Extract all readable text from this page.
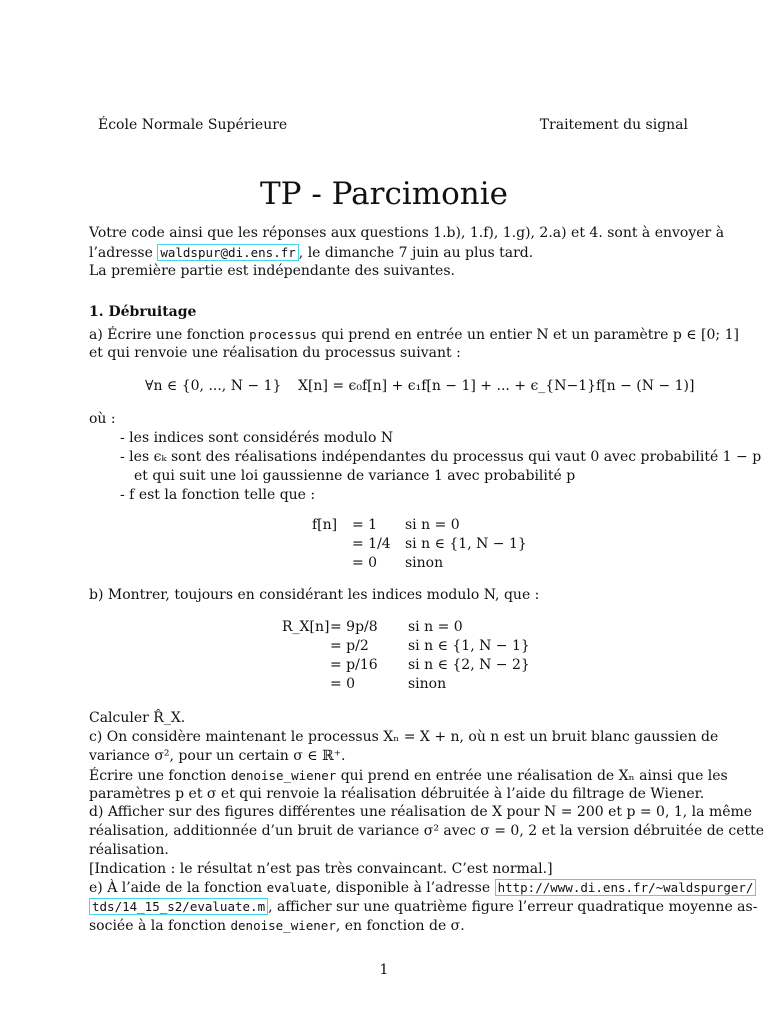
École Normale Supérieure	Traitement du signal
TP - Parcimonie
Votre code ainsi que les réponses aux questions 1.b), 1.f), 1.g), 2.a) et 4. sont à envoyer à
l’adresse waldspur@di.ens.fr , le dimanche 7 juin au plus tard.
La première partie est indépendante des suivantes.
1. Débruitage
a) Écrire une fonction processus qui prend en entrée un entier N et un paramètre p ∈ [0; 1]
et qui renvoie une réalisation du processus suivant :
∀n ∈ {0, ..., N − 1} X[n] = ϵ₀f[n] + ϵ₁f[n − 1] + ... + ϵ_{N−1}f[n − (N − 1)]
où :
- les indices sont considérés modulo N
- les ϵₖ sont des réalisations indépendantes du processus qui vaut 0 avec probabilité 1 − p
et qui suit une loi gaussienne de variance 1 avec probabilité p
- f est la fonction telle que :
f[n] = 1 si n = 0
= 1/4 si n ∈ {1, N − 1}
= 0 sinon
b) Montrer, toujours en considérant les indices modulo N, que :
R_X[n] = 9p/8 si n = 0
= p/2	si n ∈ {1, N − 1}
= p/16 si n ∈ {2, N − 2}
= 0	sinon
Calculer R̂_X.
c) On considère maintenant le processus Xₙ = X + n, où n est un bruit blanc gaussien de
variance σ², pour un certain σ ∈ ℝ⁺.
Écrire une fonction denoise_wiener qui prend en entrée une réalisation de Xₙ ainsi que les
paramètres p et σ et qui renvoie la réalisation débruitée à l’aide du filtrage de Wiener.
d) Afficher sur des figures différentes une réalisation de X pour N = 200 et p = 0, 1, la même
réalisation, additionnée d’un bruit de variance σ² avec σ = 0, 2 et la version débruitée de cette
réalisation.
[Indication : le résultat n’est pas très convaincant. C’est normal.]
e) À l’aide de la fonction evaluate, disponible à l’adresse http://www.di.ens.fr/~waldspurger/
tds/14_15_s2/evaluate.m , afficher sur une quatrième figure l’erreur quadratique moyenne as-
sociée à la fonction denoise_wiener, en fonction de σ.
1
